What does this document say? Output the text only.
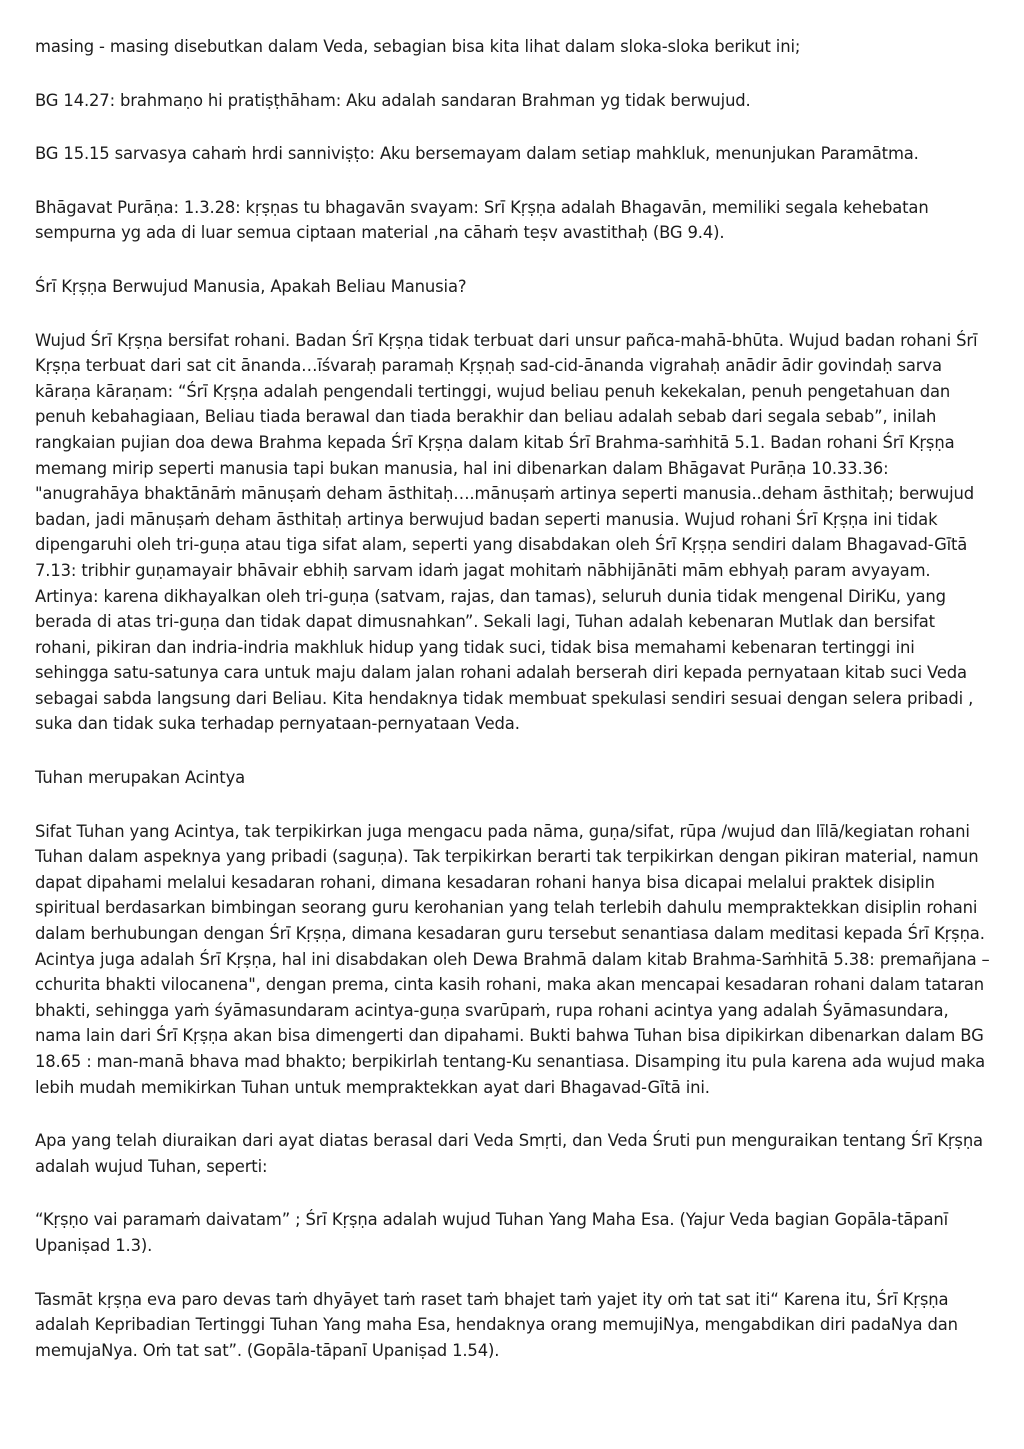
masing - masing disebutkan dalam Veda, sebagian bisa kita lihat dalam sloka-sloka berikut ini;

BG 14.27: brahmaṇo hi pratiṣṭhāham: Aku adalah sandaran Brahman yg tidak berwujud.

BG 15.15 sarvasya cahaṁ hrdi sanniviṣṭo: Aku bersemayam dalam setiap mahkluk, menunjukan Paramātma.

Bhāgavat Purāṇa: 1.3.28: kṛṣṇas tu bhagavān svayam: Srī Kṛṣṇa adalah Bhagavān, memiliki segala kehebatan sempurna yg ada di luar semua ciptaan material ,na cāhaṁ teṣv avastithaḥ (BG 9.4).

Śrī Kṛṣṇa Berwujud Manusia, Apakah Beliau Manusia?

Wujud Śrī Kṛṣṇa bersifat rohani. Badan Śrī Kṛṣṇa tidak terbuat dari unsur pañca-mahā-bhūta. Wujud badan rohani Śrī Kṛṣṇa terbuat dari sat cit ānanda…īśvaraḥ paramaḥ Kṛṣṇaḥ sad-cid-ānanda vigrahaḥ anādir ādir govindaḥ sarva kāraṇa kāraṇam: “Śrī Kṛṣṇa adalah pengendali tertinggi, wujud beliau penuh kekekalan, penuh pengetahuan dan penuh kebahagiaan, Beliau tiada berawal dan tiada berakhir dan beliau adalah sebab dari segala sebab”, inilah rangkaian pujian doa dewa Brahma kepada Śrī Kṛṣṇa dalam kitab Śrī Brahma-saṁhitā 5.1. Badan rohani Śrī Kṛṣṇa memang mirip seperti manusia tapi bukan manusia, hal ini dibenarkan dalam Bhāgavat Purāṇa 10.33.36: "anugrahāya bhaktānāṁ mānuṣaṁ deham āsthitaḥ….mānuṣaṁ artinya seperti manusia..deham āsthitaḥ; berwujud badan, jadi mānuṣaṁ deham āsthitaḥ artinya berwujud badan seperti manusia. Wujud rohani Śrī Kṛṣṇa ini tidak dipengaruhi oleh tri-guṇa atau tiga sifat alam, seperti yang disabdakan oleh Śrī Kṛṣṇa sendiri dalam Bhagavad-Gītā 7.13: tribhir guṇamayair bhāvair ebhiḥ sarvam idaṁ jagat mohitaṁ nābhijānāti mām ebhyaḥ param avyayam. Artinya: karena dikhayalkan oleh tri-guṇa (satvam, rajas, dan tamas), seluruh dunia tidak mengenal DiriKu, yang berada di atas tri-guṇa dan tidak dapat dimusnahkan”. Sekali lagi, Tuhan adalah kebenaran Mutlak dan bersifat rohani, pikiran dan indria-indria makhluk hidup yang tidak suci, tidak bisa memahami kebenaran tertinggi ini sehingga satu-satunya cara untuk maju dalam jalan rohani adalah berserah diri kepada pernyataan kitab suci Veda sebagai sabda langsung dari Beliau. Kita hendaknya tidak membuat spekulasi sendiri sesuai dengan selera pribadi , suka dan tidak suka terhadap pernyataan-pernyataan Veda.

Tuhan merupakan Acintya

Sifat Tuhan yang Acintya, tak terpikirkan juga mengacu pada nāma, guṇa/sifat, rūpa /wujud dan līlā/kegiatan rohani Tuhan dalam aspeknya yang pribadi (saguṇa). Tak terpikirkan berarti tak terpikirkan dengan pikiran material, namun dapat dipahami melalui kesadaran rohani, dimana kesadaran rohani hanya bisa dicapai melalui praktek disiplin spiritual berdasarkan bimbingan seorang guru kerohanian yang telah terlebih dahulu mempraktekkan disiplin rohani dalam berhubungan dengan Śrī Kṛṣṇa, dimana kesadaran guru tersebut senantiasa dalam meditasi kepada Śrī Kṛṣṇa. Acintya juga adalah Śrī Kṛṣṇa, hal ini disabdakan oleh Dewa Brahmā dalam kitab Brahma-Saṁhitā 5.38: premañjana –cchurita bhakti vilocanena", dengan prema, cinta kasih rohani, maka akan mencapai kesadaran rohani dalam tataran bhakti, sehingga yaṁ śyāmasundaram acintya-guṇa svarūpaṁ, rupa rohani acintya yang adalah Śyāmasundara, nama lain dari Śrī Kṛṣṇa akan bisa dimengerti dan dipahami. Bukti bahwa Tuhan bisa dipikirkan dibenarkan dalam BG 18.65 : man-manā bhava mad bhakto; berpikirlah tentang-Ku senantiasa. Disamping itu pula karena ada wujud maka lebih mudah memikirkan Tuhan untuk mempraktekkan ayat dari Bhagavad-Gītā ini.

Apa yang telah diuraikan dari ayat diatas berasal dari Veda Smṛti, dan Veda Śruti pun menguraikan tentang Śrī Kṛṣṇa adalah wujud Tuhan, seperti:

“Kṛṣṇo vai paramaṁ daivatam” ; Śrī Kṛṣṇa adalah wujud Tuhan Yang Maha Esa. (Yajur Veda bagian Gopāla-tāpanī Upaniṣad 1.3).

Tasmāt kṛṣṇa eva paro devas taṁ dhyāyet taṁ raset taṁ bhajet taṁ yajet ity oṁ tat sat iti“ Karena itu, Śrī Kṛṣṇa adalah Kepribadian Tertinggi Tuhan Yang maha Esa, hendaknya orang memujiNya, mengabdikan diri padaNya dan memujaNya. Oṁ tat sat”. (Gopāla-tāpanī Upaniṣad 1.54).
